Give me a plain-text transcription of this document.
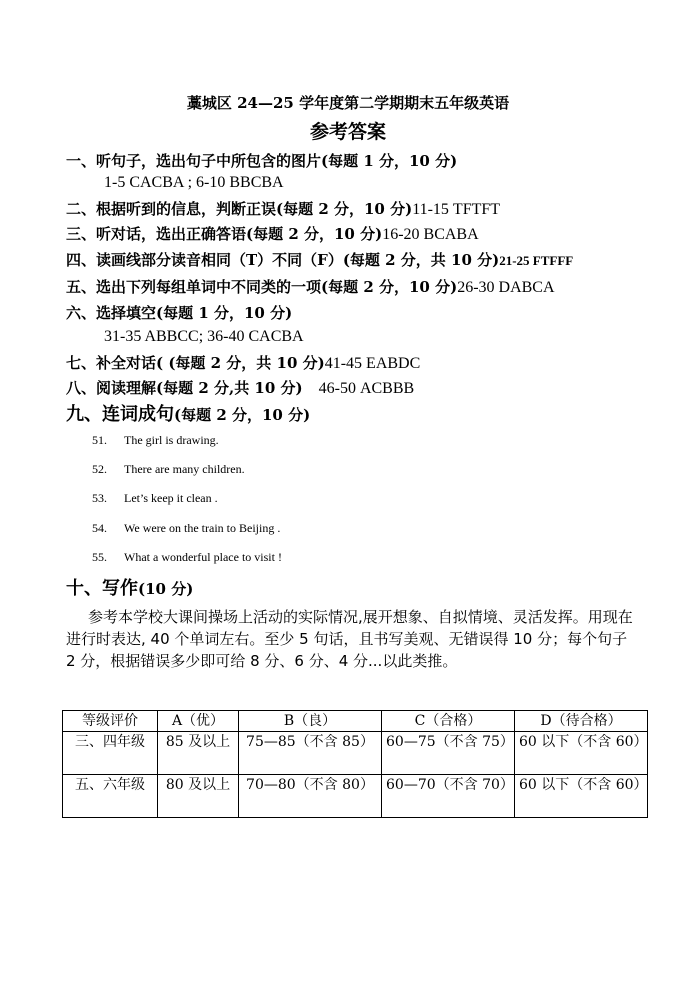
藁城区 24—25 学年度第二学期期末五年级英语
参考答案
一、听句子，选出句子中所包含的图片(每题 1 分，10 分)
1-5 CACBA ; 6-10 BBCBA
二、根据听到的信息，判断正误(每题 2 分，10 分)11-15 TFTFT
三、听对话，选出正确答语(每题 2 分，10 分)16-20 BCABA
四、读画线部分读音相同（T）不同（F）(每题 2 分，共 10 分)21-25 FTFFF
五、选出下列每组单词中不同类的一项(每题 2 分，10 分)26-30 DABCA
六、选择填空(每题 1 分，10 分)
31-35 ABBCC; 36-40 CACBA
七、补全对话( (每题 2 分，共 10 分)41-45 EABDC
八、阅读理解(每题 2 分,共 10 分)    46-50 ACBBB
九、连词成句(每题 2 分，10 分)
51. The girl is drawing.
52. There are many children.
53. Let’s keep it clean .
54. We were on the train to Beijing .
55. What a wonderful place to visit !
十、写作(10 分)
参考本学校大课间操场上活动的实际情况,展开想象、自拟情境、灵活发挥。用现在进行时表达, 40 个单词左右。至少 5 句话，且书写美观、无错误得 10 分；每个句子 2 分，根据错误多少即可给 8 分、6 分、4 分...以此类推。
等级评价	A（优）	B（良）	C（合格）	D（待合格）
三、四年级	85 及以上	75—85（不含 85）	60—75（不含 75）	60 以下（不含 60）
五、六年级	80 及以上	70—80（不含 80）	60—70（不含 70）	60 以下（不含 60）
